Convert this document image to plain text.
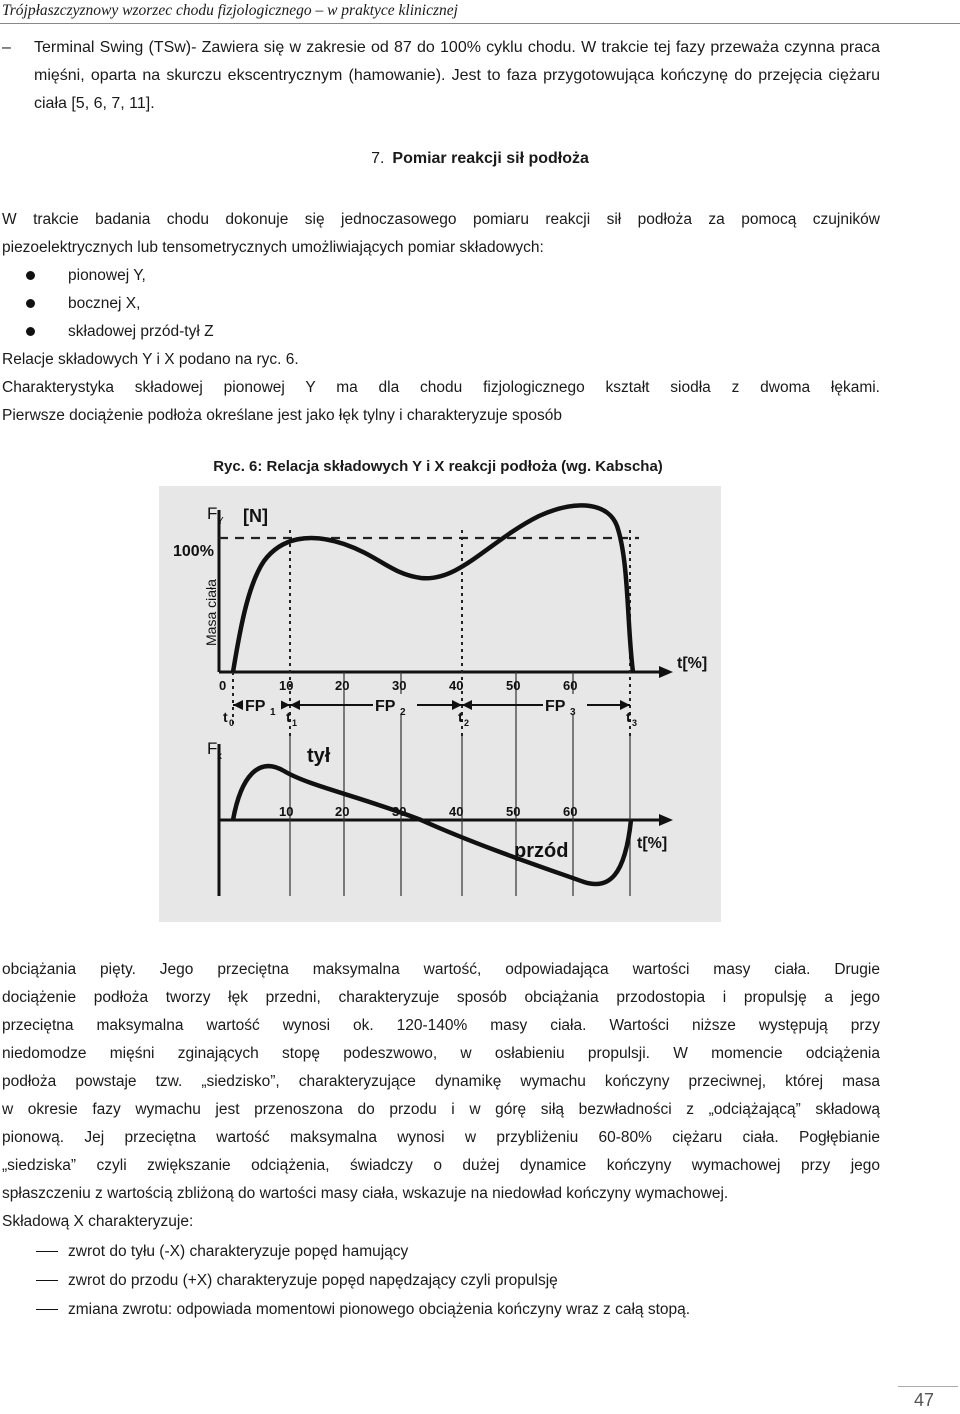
Trójpłaszczyznowy wzorzec chodu fizjologicznego – w praktyce klinicznej
– Terminal Swing (TSw)- Zawiera się w zakresie od 87 do 100% cyklu chodu. W trakcie tej fazy przeważa czynna praca mięśni, oparta na skurczu ekscentrycznym (hamowanie). Jest to faza przygotowująca kończynę do przejęcia ciężaru ciała [5, 6, 7, 11].
7. Pomiar reakcji sił podłoża
W trakcie badania chodu dokonuje się jednoczasowego pomiaru reakcji sił podłoża za pomocą czujników
piezoelektrycznych lub tensometrycznych umożliwiających pomiar składowych:
pionowej Y,
bocznej X,
składowej przód-tył Z
Relacje składowych Y i X podano na ryc. 6.
Charakterystyka składowej pionowej Y ma dla chodu fizjologicznego kształt siodła z dwoma łękami.
Pierwsze dociążenie podłoża określane jest jako łęk tylny i charakteryzuje sposób
Ryc. 6: Relacja składowych Y i X reakcji podłoża (wg. Kabscha)
F Y [N]
100%
Masa ciała
t[%]
0	10	20	30	40	50	60
FP 1	FP 2	FP 3
t 0	t 1	t 2	t 3
F x	tył
przód	t[%]
10	20	30	40	50	60
obciążania pięty. Jego przeciętna maksymalna wartość, odpowiadająca wartości masy ciała. Drugie
dociążenie podłoża tworzy łęk przedni, charakteryzuje sposób obciążania przodostopia i propulsję a jego
przeciętna maksymalna wartość wynosi ok. 120-140% masy ciała. Wartości niższe występują przy
niedomodze mięśni zginających stopę podeszwowo, w osłabieniu propulsji. W momencie odciążenia
podłoża powstaje tzw. „siedzisko”, charakteryzujące dynamikę wymachu kończyny przeciwnej, której masa
w okresie fazy wymachu jest przenoszona do przodu i w górę siłą bezwładności z „odciążającą” składową
pionową. Jej przeciętna wartość maksymalna wynosi w przybliżeniu 60-80% ciężaru ciała. Pogłębianie
„siedziska” czyli zwiększanie odciążenia, świadczy o dużej dynamice kończyny wymachowej przy jego
spłaszczeniu z wartością zbliżoną do wartości masy ciała, wskazuje na niedowład kończyny wymachowej.
Składową X charakteryzuje:
zwrot do tyłu (-X) charakteryzuje popęd hamujący
zwrot do przodu (+X) charakteryzuje popęd napędzający czyli propulsję
zmiana zwrotu: odpowiada momentowi pionowego obciążenia kończyny wraz z całą stopą.
47
